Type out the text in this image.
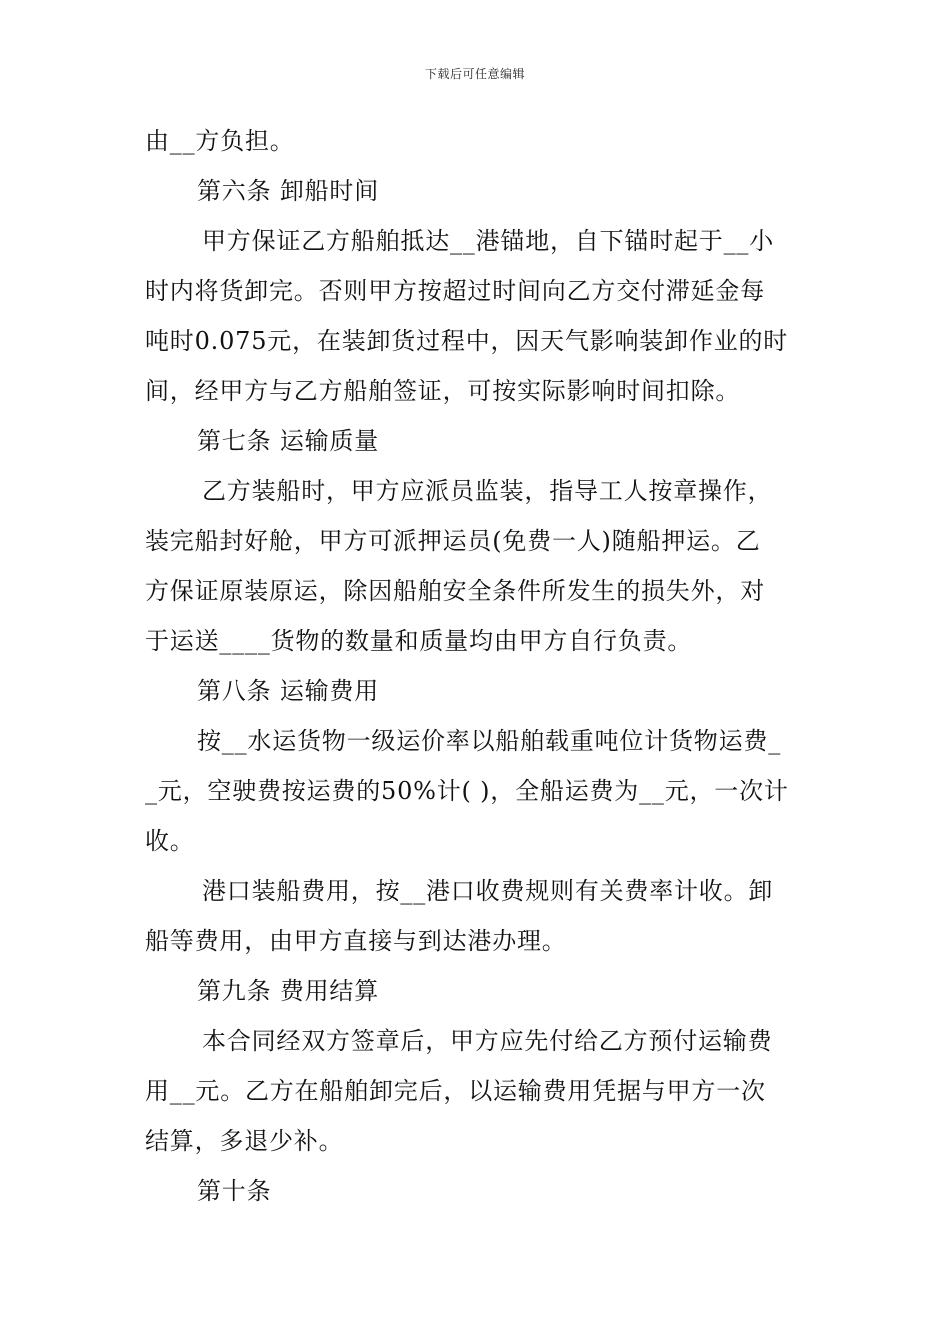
下载后可任意编辑
由__方负担。
第六条 卸船时间
甲方保证乙方船舶抵达__港锚地，自下锚时起于__小
时内将货卸完。否则甲方按超过时间向乙方交付滞延金每
吨时0.075元，在装卸货过程中，因天气影响装卸作业的时
间，经甲方与乙方船舶签证，可按实际影响时间扣除。
第七条 运输质量
乙方装船时，甲方应派员监装，指导工人按章操作，
装完船封好舱，甲方可派押运员(免费一人)随船押运。乙
方保证原装原运，除因船舶安全条件所发生的损失外，对
于运送____货物的数量和质量均由甲方自行负责。
第八条 运输费用
按__水运货物一级运价率以船舶载重吨位计货物运费_
_元，空驶费按运费的50%计( )，全船运费为__元，一次计
收。
港口装船费用，按__港口收费规则有关费率计收。卸
船等费用，由甲方直接与到达港办理。
第九条 费用结算
本合同经双方签章后，甲方应先付给乙方预付运输费
用__元。乙方在船舶卸完后，以运输费用凭据与甲方一次
结算，多退少补。
第十条
